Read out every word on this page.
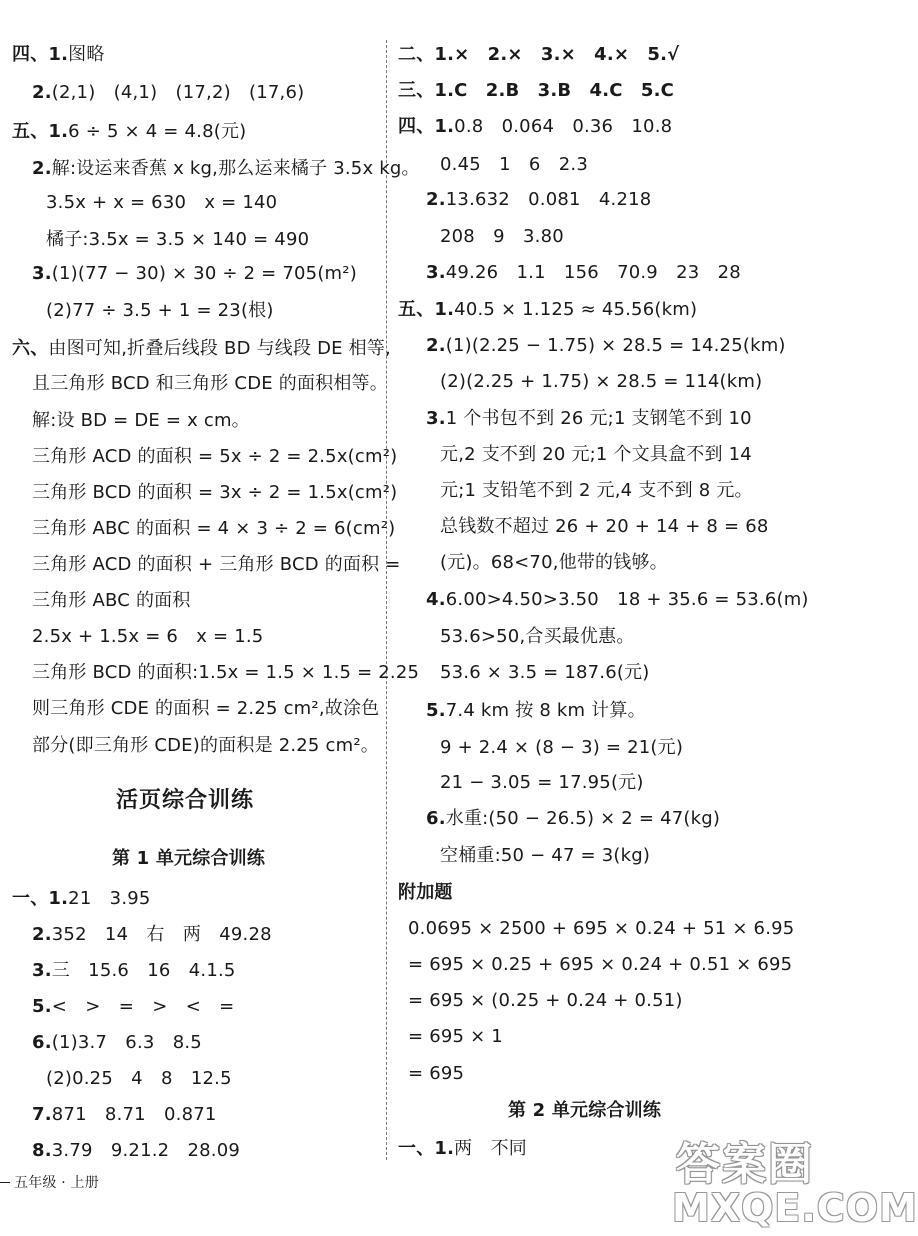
四、1.图略
2.(2,1)　(4,1)　(17,2)　(17,6)
五、1.6 ÷ 5 × 4 = 4.8(元)
2.解:设运来香蕉 x kg,那么运来橘子 3.5x kg。
3.5x + x = 630　x = 140
橘子:3.5x = 3.5 × 140 = 490
3.(1)(77 − 30) × 30 ÷ 2 = 705(m²)
(2)77 ÷ 3.5 + 1 = 23(根)
六、由图可知,折叠后线段 BD 与线段 DE 相等,
且三角形 BCD 和三角形 CDE 的面积相等。
解:设 BD = DE = x cm。
三角形 ACD 的面积 = 5x ÷ 2 = 2.5x(cm²)
三角形 BCD 的面积 = 3x ÷ 2 = 1.5x(cm²)
三角形 ABC 的面积 = 4 × 3 ÷ 2 = 6(cm²)
三角形 ACD 的面积 + 三角形 BCD 的面积 =
三角形 ABC 的面积
2.5x + 1.5x = 6　x = 1.5
三角形 BCD 的面积:1.5x = 1.5 × 1.5 = 2.25
则三角形 CDE 的面积 = 2.25 cm²,故涂色
部分(即三角形 CDE)的面积是 2.25 cm²。
活页综合训练
第 1 单元综合训练
一、1.21　3.95
2.352　14　右　两　49.28
3.三　15.6　16　4.1.5
5.<　>　=　>　<　=
6.(1)3.7　6.3　8.5
(2)0.25　4　8　12.5
7.871　8.71　0.871
8.3.79　9.21.2　28.09
二、1.×　2.×　3.×　4.×　5.√
三、1.C　2.B　3.B　4.C　5.C
四、1.0.8　0.064　0.36　10.8
0.45　1　6　2.3
2.13.632　0.081　4.218
208　9　3.80
3.49.26　1.1　156　70.9　23　28
五、1.40.5 × 1.125 ≈ 45.56(km)
2.(1)(2.25 − 1.75) × 28.5 = 14.25(km)
(2)(2.25 + 1.75) × 28.5 = 114(km)
3.1 个书包不到 26 元;1 支钢笔不到 10
元,2 支不到 20 元;1 个文具盒不到 14
元;1 支铅笔不到 2 元,4 支不到 8 元。
总钱数不超过 26 + 20 + 14 + 8 = 68
(元)。68<70,他带的钱够。
4.6.00>4.50>3.50　18 + 35.6 = 53.6(m)
53.6>50,合买最优惠。
53.6 × 3.5 = 187.6(元)
5.7.4 km 按 8 km 计算。
9 + 2.4 × (8 − 3) = 21(元)
21 − 3.05 = 17.95(元)
6.水重:(50 − 26.5) × 2 = 47(kg)
空桶重:50 − 47 = 3(kg)
附加题
0.0695 × 2500 + 695 × 0.24 + 51 × 6.95
= 695 × 0.25 + 695 × 0.24 + 0.51 × 695
= 695 × (0.25 + 0.24 + 0.51)
= 695 × 1
= 695
第 2 单元综合训练
一、1.两　不同
五年级 · 上册	答案圈
MXQE.COM
